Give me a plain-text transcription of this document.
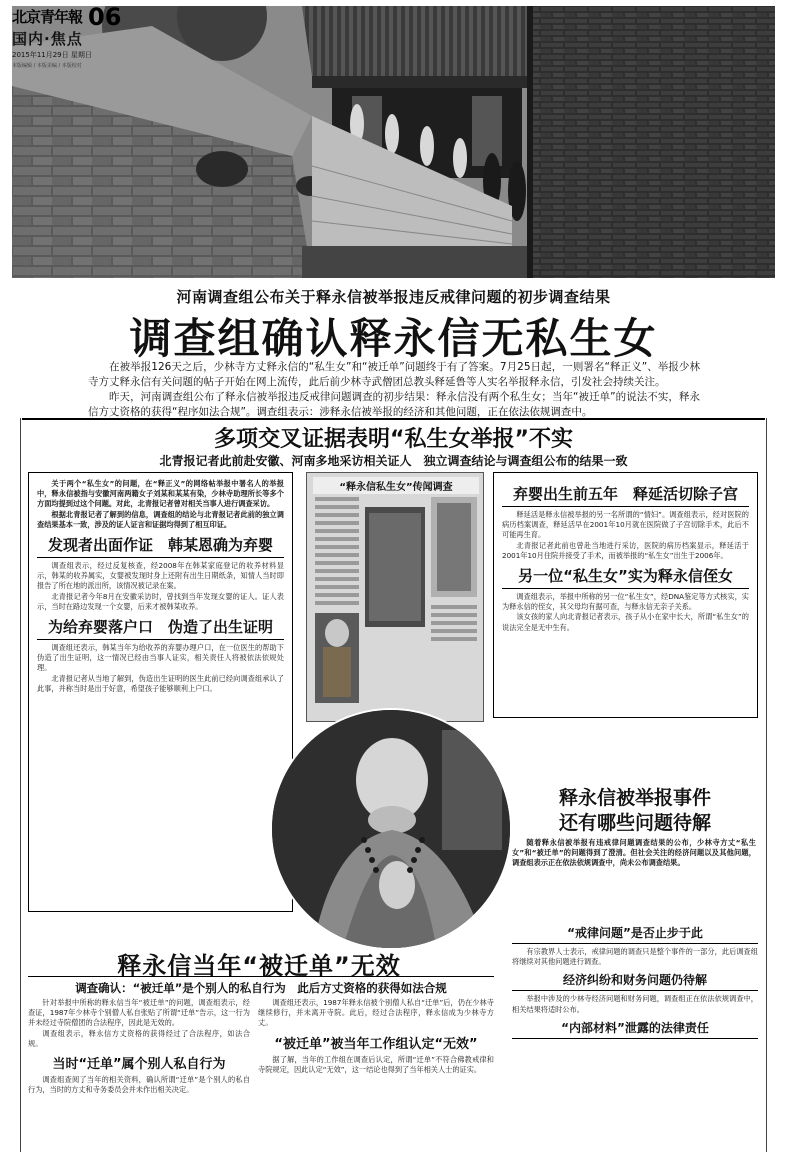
北京青年報 06
国内·焦点
2015年11月29日 星期日
本版编辑 / 本版美编 / 本版校对
河南调查组公布关于释永信被举报违反戒律问题的初步调查结果
调查组确认释永信无私生女

在被举报126天之后，少林寺方丈释永信的“私生女”和“被迁单”问题终于有了答案。7月25日起，一则署名“释正义”、举报少林寺方丈释永信有关问题的帖子开始在网上流传，此后前少林寺武僧团总教头释延鲁等人实名举报释永信，引发社会持续关注。

昨天，河南调查组公布了释永信被举报违反戒律问题调查的初步结果：释永信没有两个私生女；当年“被迁单”的说法不实，释永信方丈资格的获得“程序如法合规”。调查组表示：涉释永信被举报的经济和其他问题，正在依法依规调查中。

多项交叉证据表明“私生女举报”不实
北青报记者此前赴安徽、河南多地采访相关证人　独立调查结论与调查组公布的结果一致

关于两个“私生女”的问题，在“释正义”的网络帖举报中署名人的举报中，释永信被指与安徽河南两籍女子刘某和某某有染，少林寺助理所长等多个方面均提到过这个问题。对此，北青报记者曾对相关当事人进行调查采访。

根据北青报记者了解到的信息，调查组的结论与北青报记者此前的独立调查结果基本一致，涉及的证人证言和证据均得到了相互印证。

发现者出面作证　韩某恩确为弃婴

调查组表示，经过反复核查，经2008年在韩某家庭登记的收养材料显示，韩某的收养属实，女婴被发现时身上还附有出生日期纸条，知情人当时即报告了所在地的派出所，该情况被记录在案。

北青报记者今年8月在安徽采访时，曾找到当年发现女婴的证人。证人表示，当时在路边发现一个女婴，后来才被韩某收养。

为给弃婴落户口　伪造了出生证明

调查组还表示，韩某当年为给收养的弃婴办理户口，在一位医生的帮助下伪造了出生证明，这一情况已经由当事人证实，相关责任人将被依法依规处理。

北青报记者从当地了解到，伪造出生证明的医生此前已经向调查组承认了此事，并称当时是出于好意，希望孩子能够顺利上户口。

“释永信私生女”传闻调查	弃婴出生前五年　释延活切除子宫

释延活是释永信被举报的另一名所谓的“情妇”。调查组表示，经对医院的病历档案调查，释延活早在2001年10月就在医院做了子宫切除手术，此后不可能再生育。

北青报记者此前也曾赴当地进行采访，医院的病历档案显示，释延活于2001年10月住院并接受了手术，而被举报的“私生女”出生于2006年。

另一位“私生女”实为释永信侄女

调查组表示，举报中所称的另一位“私生女”，经DNA鉴定等方式核实，实为释永信的侄女，其父母均有据可查，与释永信无亲子关系。

该女孩的家人向北青报记者表示，孩子从小在家中长大，所谓“私生女”的说法完全是无中生有。

释永信被举报事件
还有哪些问题待解

随着释永信被举报有违戒律问题调查结果的公布，少林寺方丈“私生女”和“被迁单”的问题得到了澄清。但社会关注的经济问题以及其他问题，调查组表示正在依法依规调查中，尚未公布调查结果。

“戒律问题”是否止步于此

有宗教界人士表示，戒律问题的调查只是整个事件的一部分，此后调查组将继续对其他问题进行调查。

经济纠纷和财务问题仍待解

举报中涉及的少林寺经济问题和财务问题，调查组正在依法依规调查中，相关结果将适时公布。

“内部材料”泄露的法律责任
释永信当年“被迁单”无效
调查确认：“被迁单”是个别人的私自行为　此后方丈资格的获得如法合规

针对举报中所称的释永信当年“被迁单”的问题，调查组表示，经查证，1987年少林寺个别僧人私自张贴了所谓“迁单”告示，这一行为并未经过寺院僧团的合法程序，因此是无效的。

调查组表示，释永信方丈资格的获得经过了合法程序，如法合规。

当时“迁单”属个别人私自行为

调查组查阅了当年的相关资料，确认所谓“迁单”是个别人的私自行为，当时的方丈和寺务委员会并未作出相关决定。

调查组还表示，1987年释永信被个别僧人私自“迁单”后，仍在少林寺继续修行，并未离开寺院。此后，经过合法程序，释永信成为少林寺方丈。

“被迁单”被当年工作组认定“无效”

据了解，当年的工作组在调查后认定，所谓“迁单”不符合佛教戒律和寺院规定，因此认定“无效”，这一结论也得到了当年相关人士的证实。
